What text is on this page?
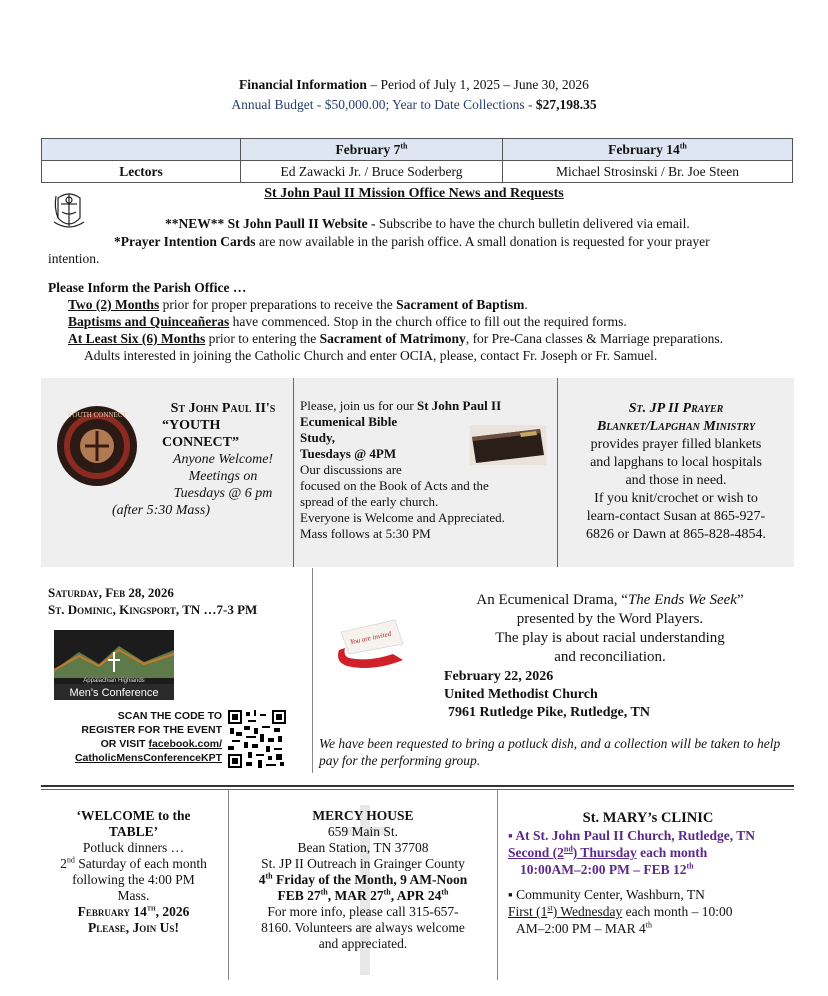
Financial Information – Period of July 1, 2025 – June 30, 2026
Annual Budget - $50,000.00; Year to Date Collections - $27,198.35
	February 7th	February 14th
Lectors	Ed Zawacki Jr. / Bruce Soderberg	Michael Strosinski / Br. Joe Steen
St John Paul II Mission Office News and Requests
**NEW** St John Paull II Website - Subscribe to have the church bulletin delivered via email.
*Prayer Intention Cards are now available in the parish office. A small donation is requested for your prayer
intention.
Please Inform the Parish Office …
Two (2) Months prior for proper preparations to receive the Sacrament of Baptism.
Baptisms and Quinceañeras have commenced. Stop in the church office to fill out the required forms.
At Least Six (6) Months prior to entering the Sacrament of Matrimony, for Pre-Cana classes & Marriage preparations.
Adults interested in joining the Catholic Church and enter OCIA, please, contact Fr. Joseph or Fr. Samuel.
YOUTH CONNECT	St John Paul II's
“YOUTH
CONNECT”
Anyone Welcome!
Meetings on
Tuesdays @ 6 pm
(after 5:30 Mass)
Please, join us for our St John Paul II
Ecumenical Bible
Study,
Tuesdays @ 4PM
Our discussions are
focused on the Book of Acts and the
spread of the early church.
Everyone is Welcome and Appreciated.
Mass follows at 5:30 PM
St. JP II Prayer
Blanket/Lapghan Ministry
provides prayer filled blankets
and lapghans to local hospitals
and those in need.
If you knit/crochet or wish to
learn-contact Susan at 865-927-
6826 or Dawn at 865-828-4854.
Saturday, Feb 28, 2026
St. Dominic, Kingsport, TN …7-3 PM
Appalachian Highlands
Men's Conference
SCAN THE CODE TO
REGISTER FOR THE EVENT
OR VISIT facebook.com/
CatholicMensConferenceKPT
You are invited
An Ecumenical Drama, “The Ends We Seek”
presented by the Word Players.
The play is about racial understanding
and reconciliation.
February 22, 2026
United Methodist Church
7961 Rutledge Pike, Rutledge, TN
We have been requested to bring a potluck dish, and a collection will be taken to help pay for the performing group.
‘WELCOME to the
TABLE’
Potluck dinners …
2nd Saturday of each month
following the 4:00 PM
Mass.
February 14th, 2026
Please, Join Us!
MERCY HOUSE
659 Main St.
Bean Station, TN 37708
St. JP II Outreach in Grainger County
4th Friday of the Month, 9 AM-Noon
FEB 27th, MAR 27th, APR 24th
For more info, please call 315-657-
8160. Volunteers are always welcome
and appreciated.
St. MARY’s CLINIC
▪ At St. John Paul II Church, Rutledge, TN
Second (2nd) Thursday each month
10:00AM–2:00 PM – FEB 12th
▪ Community Center, Washburn, TN
First (1st) Wednesday each month – 10:00
AM–2:00 PM – MAR 4th
